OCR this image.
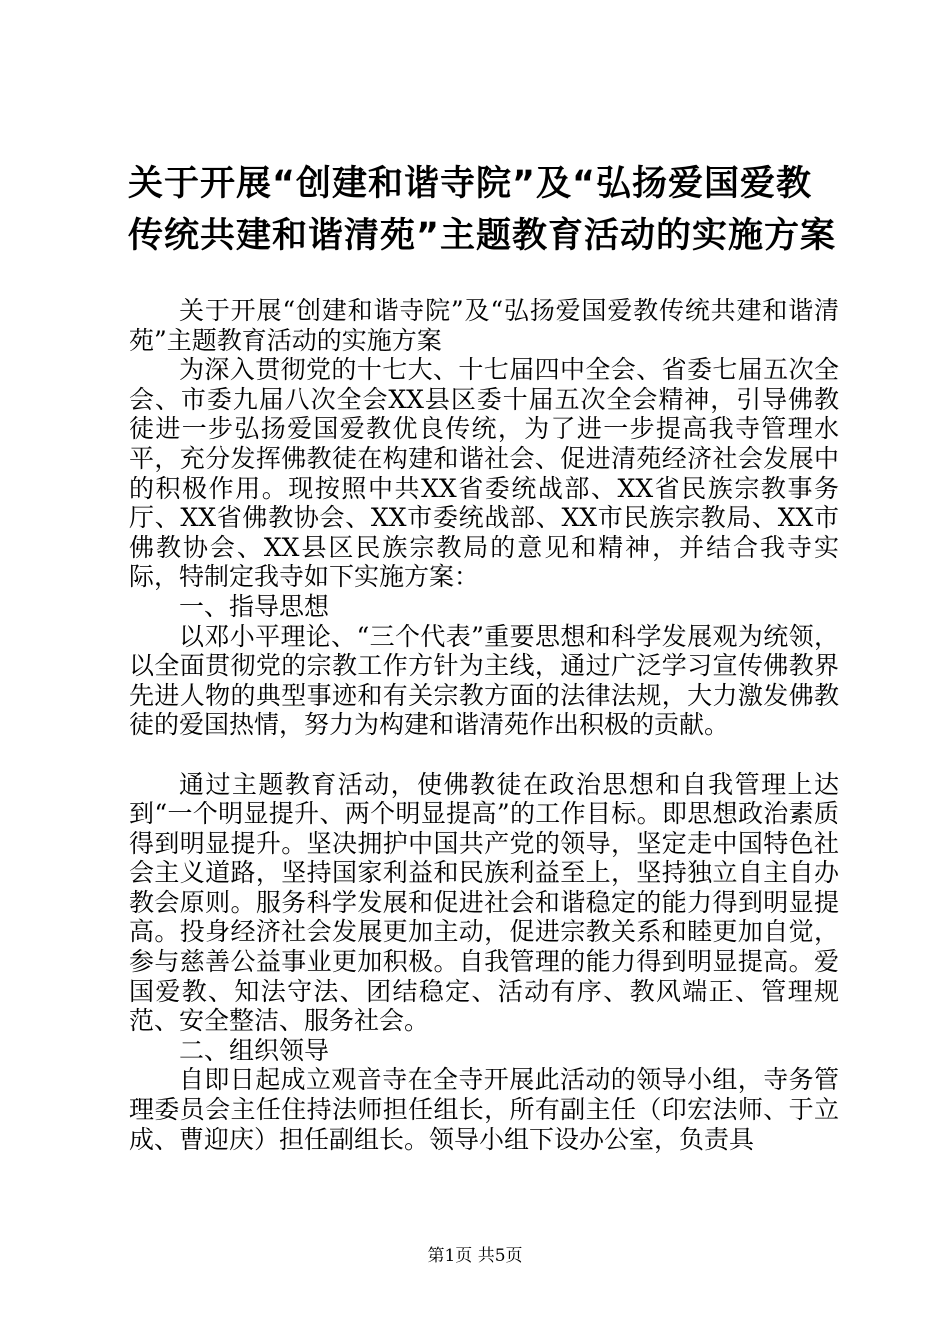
关于开展“创建和谐寺院”及“弘扬爱国爱教
传统共建和谐清苑”主题教育活动的实施方案

关于开展“创建和谐寺院”及“弘扬爱国爱教传统共建和谐清苑”主题教育活动的实施方案

为深入贯彻党的十七大、十七届四中全会、省委七届五次全会、市委九届八次全会XX县区委十届五次全会精神，引导佛教徒进一步弘扬爱国爱教优良传统，为了进一步提高我寺管理水平，充分发挥佛教徒在构建和谐社会、促进清苑经济社会发展中的积极作用。现按照中共XX省委统战部、XX省民族宗教事务厅、XX省佛教协会、XX市委统战部、XX市民族宗教局、XX市佛教协会、XX县区民族宗教局的意见和精神，并结合我寺实际，特制定我寺如下实施方案：

一、指导思想

以邓小平理论、“三个代表”重要思想和科学发展观为统领，以全面贯彻党的宗教工作方针为主线，通过广泛学习宣传佛教界先进人物的典型事迹和有关宗教方面的法律法规，大力激发佛教徒的爱国热情，努力为构建和谐清苑作出积极的贡献。

通过主题教育活动，使佛教徒在政治思想和自我管理上达到“一个明显提升、两个明显提高”的工作目标。即思想政治素质得到明显提升。坚决拥护中国共产党的领导，坚定走中国特色社会主义道路，坚持国家利益和民族利益至上，坚持独立自主自办教会原则。服务科学发展和促进社会和谐稳定的能力得到明显提高。投身经济社会发展更加主动，促进宗教关系和睦更加自觉，参与慈善公益事业更加积极。自我管理的能力得到明显提高。爱国爱教、知法守法、团结稳定、活动有序、教风端正、管理规范、安全整洁、服务社会。

二、组织领导

自即日起成立观音寺在全寺开展此活动的领导小组，寺务管理委员会主任住持法师担任组长，所有副主任（印宏法师、于立成、曹迎庆）担任副组长。领导小组下设办公室，负责具

第1页 共5页
